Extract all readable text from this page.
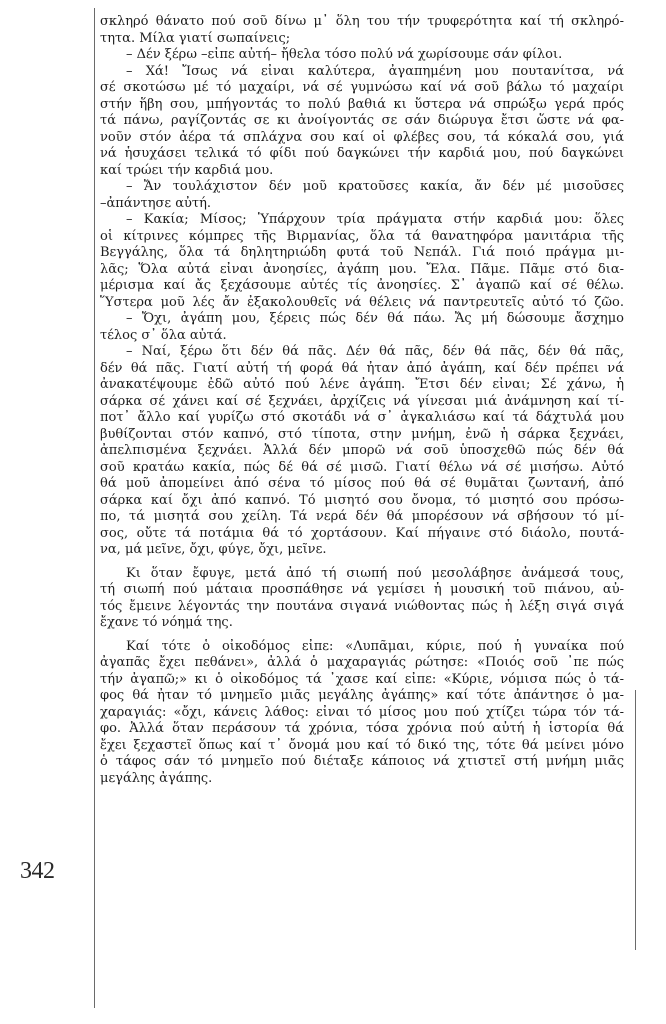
342
σκληρό θάνατο πού σοῦ δίνω μ᾿ ὅλη του τήν τρυφερότητα καί τή σκληρό-
τητα. Μίλα γιατί σωπαίνεις;
– Δέν ξέρω –εἶπε αὐτή– ἤθελα τόσο πολύ νά χωρίσουμε σάν φίλοι.
– Χά! Ἴσως νά εἶναι καλύτερα, ἀγαπημένη μου πουτανίτσα, νά
σέ σκοτώσω μέ τό μαχαίρι, νά σέ γυμνώσω καί νά σοῦ βάλω τό μαχαίρι
στήν ἥβη σου, μπήγοντάς το πολύ βαθιά κι ὕστερα νά σπρώξω γερά πρός
τά πάνω, ραγίζοντάς σε κι ἀνοίγοντάς σε σάν διώρυγα ἔτσι ὥστε νά φα-
νοῦν στόν ἀέρα τά σπλάχνα σου καί οἱ φλέβες σου, τά κόκαλά σου, γιά
νά ἡσυχάσει τελικά τό φίδι πού δαγκώνει τήν καρδιά μου, πού δαγκώνει
καί τρώει τήν καρδιά μου.
– Ἄν τουλάχιστον δέν μοῦ κρατοῦσες κακία, ἄν δέν μέ μισοῦσες
–ἀπάντησε αὐτή.
– Κακία; Μίσος; Ὑπάρχουν τρία πράγματα στήν καρδιά μου: ὅλες
οἱ κίτρινες κόμπρες τῆς Βιρμανίας, ὅλα τά θανατηφόρα μανιτάρια τῆς
Βεγγάλης, ὅλα τά δηλητηριώδη φυτά τοῦ Νεπάλ. Γιά ποιό πράγμα μι-
λᾶς; Ὅλα αὐτά εἶναι ἀνοησίες, ἀγάπη μου. Ἔλα. Πᾶμε. Πᾶμε στό δια-
μέρισμα καί ἄς ξεχάσουμε αὐτές τίς ἀνοησίες. Σ᾿ ἀγαπῶ καί σέ θέλω.
Ὕστερα μοῦ λές ἄν ἐξακολουθεῖς νά θέλεις νά παντρευτεῖς αὐτό τό ζῶο.
– Ὄχι, ἀγάπη μου, ξέρεις πώς δέν θά πάω. Ἄς μή δώσουμε ἄσχημο
τέλος σ᾿ ὅλα αὐτά.
– Ναί, ξέρω ὅτι δέν θά πᾶς. Δέν θά πᾶς, δέν θά πᾶς, δέν θά πᾶς,
δέν θά πᾶς. Γιατί αὐτή τή φορά θά ἦταν ἀπό ἀγάπη, καί δέν πρέπει νά
ἀνακατέψουμε ἐδῶ αὐτό πού λένε ἀγάπη. Ἔτσι δέν εἶναι; Σέ χάνω, ἡ
σάρκα σέ χάνει καί σέ ξεχνάει, ἀρχίζεις νά γίνεσαι μιά ἀνάμνηση καί τί-
ποτ᾿ ἄλλο καί γυρίζω στό σκοτάδι νά σ᾿ ἀγκαλιάσω καί τά δάχτυλά μου
βυθίζονται στόν καπνό, στό τίποτα, στην μνήμη, ἐνῶ ἡ σάρκα ξεχνάει,
ἀπελπισμένα ξεχνάει. Ἀλλά δέν μπορῶ νά σοῦ ὑποσχεθῶ πώς δέν θά
σοῦ κρατάω κακία, πώς δέ θά σέ μισῶ. Γιατί θέλω νά σέ μισήσω. Αὐτό
θά μοῦ ἀπομείνει ἀπό σένα τό μίσος πού θά σέ θυμᾶται ζωντανή, ἀπό
σάρκα καί ὄχι ἀπό καπνό. Τό μισητό σου ὄνομα, τό μισητό σου πρόσω-
πο, τά μισητά σου χείλη. Τά νερά δέν θά μπορέσουν νά σβήσουν τό μί-
σος, οὔτε τά ποτάμια θά τό χορτάσουν. Καί πήγαινε στό διάολο, πουτά-
να, μά μεῖνε, ὄχι, φύγε, ὄχι, μεῖνε.
Κι ὅταν ἔφυγε, μετά ἀπό τή σιωπή πού μεσολάβησε ἀνάμεσά τους,
τή σιωπή πού μάταια προσπάθησε νά γεμίσει ἡ μουσική τοῦ πιάνου, αὐ-
τός ἔμεινε λέγοντάς την πουτάνα σιγανά νιώθοντας πώς ἡ λέξη σιγά σιγά
ἔχανε τό νόημά της.
Καί τότε ὁ οἰκοδόμος εἶπε: «Λυπᾶμαι, κύριε, πού ἡ γυναίκα πού
ἀγαπᾶς ἔχει πεθάνει», ἀλλά ὁ μαχαραγιάς ρώτησε: «Ποιός σοῦ ᾿πε πώς
τήν ἀγαπῶ;» κι ὁ οἰκοδόμος τά ᾿χασε καί εἶπε: «Κύριε, νόμισα πώς ὁ τά-
φος θά ἦταν τό μνημεῖο μιᾶς μεγάλης ἀγάπης» καί τότε ἀπάντησε ὁ μα-
χαραγιάς: «ὄχι, κάνεις λάθος: εἶναι τό μίσος μου πού χτίζει τώρα τόν τά-
φο. Ἀλλά ὅταν περάσουν τά χρόνια, τόσα χρόνια πού αὐτή ἡ ἱστορία θά
ἔχει ξεχαστεῖ ὅπως καί τ᾿ ὄνομά μου καί τό δικό της, τότε θά μείνει μόνο
ὁ τάφος σάν τό μνημεῖο πού διέταξε κάποιος νά χτιστεῖ στή μνήμη μιᾶς
μεγάλης ἀγάπης.
